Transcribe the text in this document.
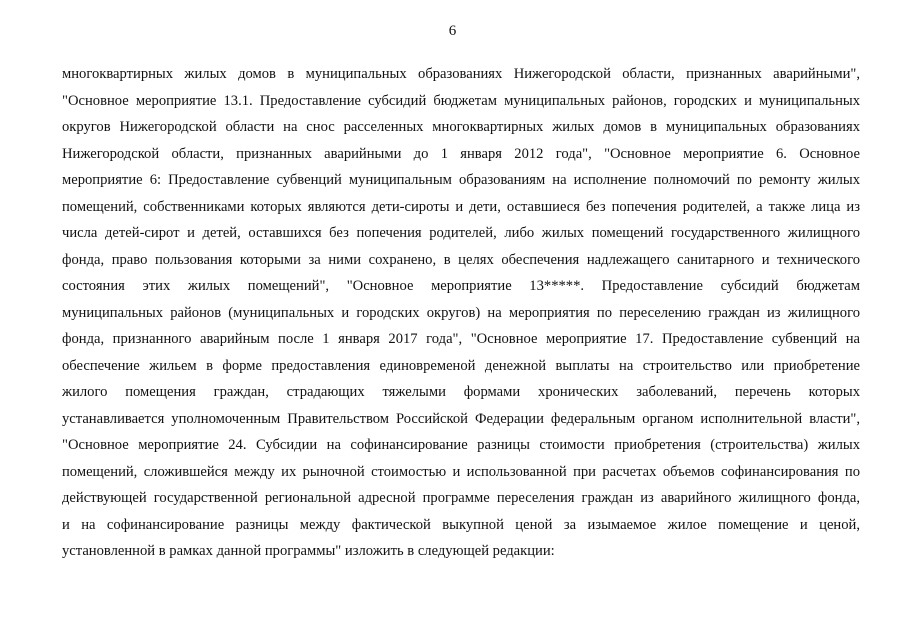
6
многоквартирных жилых домов в муниципальных образованиях Нижегородской области, признанных аварийными",
"Основное мероприятие 13.1. Предоставление субсидий бюджетам муниципальных районов, городских и муниципальных
округов Нижегородской области на снос расселенных многоквартирных жилых домов в муниципальных образованиях
Нижегородской области, признанных аварийными до 1 января 2012 года", "Основное мероприятие 6. Основное
мероприятие 6: Предоставление субвенций муниципальным образованиям на исполнение полномочий по ремонту жилых
помещений, собственниками которых являются дети-сироты и дети, оставшиеся без попечения родителей, а также лица из
числа детей-сирот и детей, оставшихся без попечения родителей, либо жилых помещений государственного жилищного
фонда, право пользования которыми за ними сохранено, в целях обеспечения надлежащего санитарного и технического
состояния этих жилых помещений", "Основное мероприятие 13*****. Предоставление субсидий бюджетам
муниципальных районов (муниципальных и городских округов) на мероприятия по переселению граждан из жилищного
фонда, признанного аварийным после 1 января 2017 года", "Основное мероприятие 17. Предоставление субвенций на
обеспечение жильем в форме предоставления единовременой денежной выплаты на строительство или приобретение
жилого помещения граждан, страдающих тяжелыми формами хронических заболеваний, перечень которых
устанавливается уполномоченным Правительством Российской Федерации федеральным органом исполнительной власти",
"Основное мероприятие 24. Субсидии на софинансирование разницы стоимости приобретения (строительства) жилых
помещений, сложившейся между их рыночной стоимостью и использованной при расчетах объемов софинансирования по
действующей государственной региональной адресной программе переселения граждан из аварийного жилищного фонда,
и на софинансирование разницы между фактической выкупной ценой за изымаемое жилое помещение и ценой,
установленной в рамках данной программы" изложить в следующей редакции:
